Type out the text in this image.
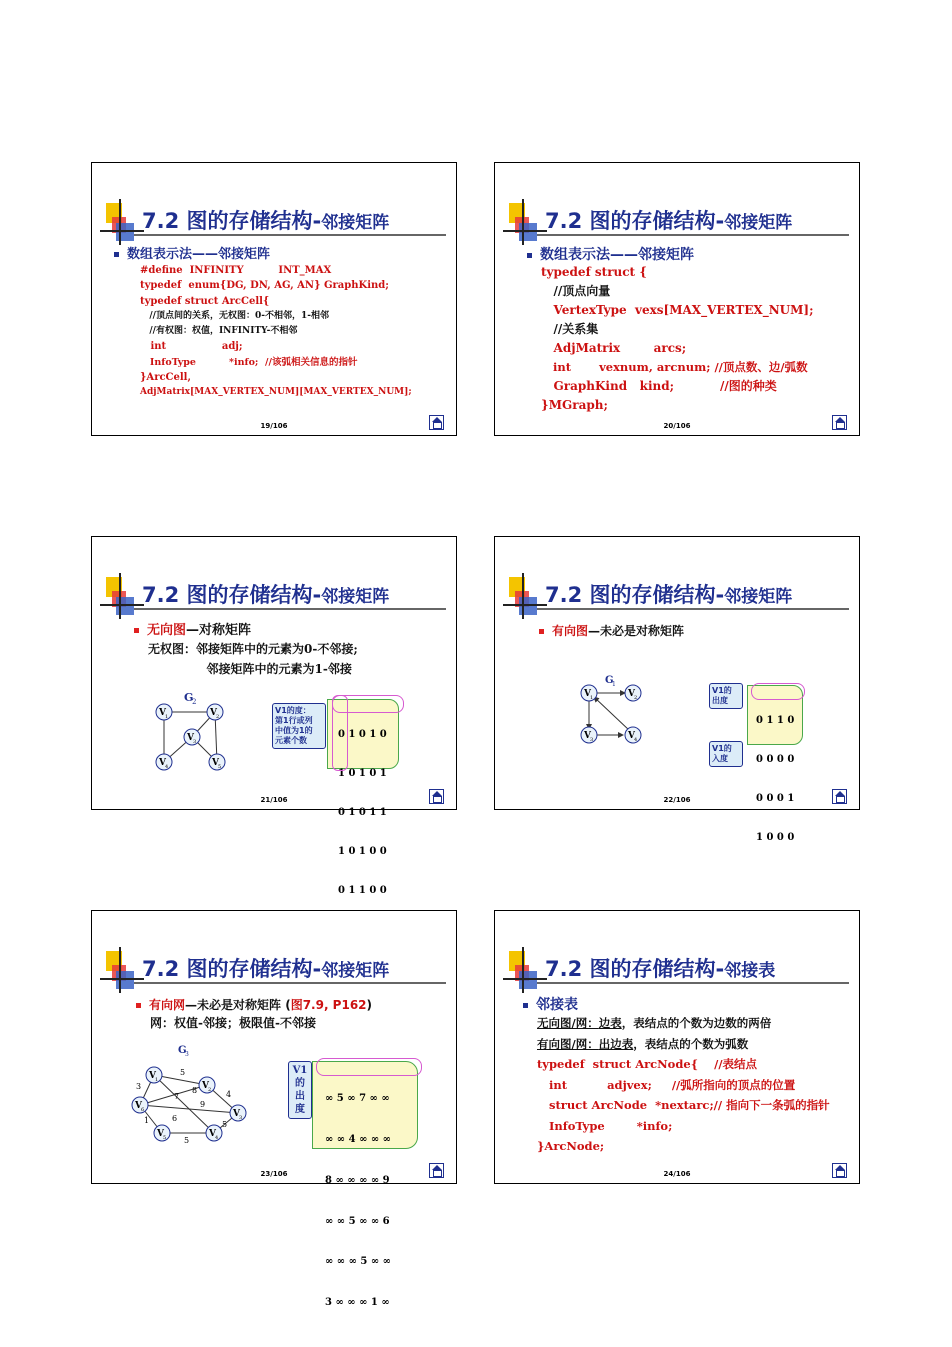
7.2 图的存储结构-邻接矩阵
数组表示法——邻接矩阵
#define  INFINITY          INT_MAX
typedef  enum{DG, DN, AG, AN} GraphKind;
typedef struct ArcCell{
//顶点间的关系，无权图：0-不相邻，1-相邻
//有权图：权值，INFINITY-不相邻
int                adj;
InfoType          *info;  //该弧相关信息的指针
}ArcCell,
AdjMatrix[MAX_VERTEX_NUM][MAX_VERTEX_NUM];
19/106
7.2 图的存储结构-邻接矩阵
数组表示法——邻接矩阵
typedef struct {
//顶点向量
VertexType  vexs[MAX_VERTEX_NUM];
//关系集
AdjMatrix        arcs;
int       vexnum, arcnum; //顶点数、边/弧数
GraphKind   kind;           //图的种类
}MGraph;
20/106
7.2 图的存储结构-邻接矩阵
无向图—对称矩阵
无权图：邻接矩阵中的元素为0-不邻接;
邻接矩阵中的元素为1-邻接
G
2
V 1	V 2
V 3
V 4	V 5
V1的度：
第1行或列
中值为1的
元素个数

0 1 0 1 0

1 0 1 0 1

0 1 0 1 1

1 0 1 0 0

0 1 1 0 0

21/106
7.2 图的存储结构-邻接矩阵
有向图—未必是对称矩阵
G
1
V 1	V 2
V 3	V 4
V1的
出度
V1的
入度

0 1 1 0

0 0 0 0

0 0 0 1

1 0 0 0

22/106
7.2 图的存储结构-邻接矩阵
有向网—未必是对称矩阵 (图7.9, P162)
网：权值-邻接；极限值-不邻接
G
3
5
4
3	8
7
9
1	6
5
5
V 1
V 2
V 3
V 4
V 5
V 6
V1
的
出
度

∞ 5 ∞ 7 ∞ ∞

∞ ∞ 4 ∞ ∞ ∞

8 ∞ ∞ ∞ ∞ 9

∞ ∞ 5 ∞ ∞ 6

∞ ∞ ∞ 5 ∞ ∞

3 ∞ ∞ ∞ 1 ∞

23/106
7.2 图的存储结构-邻接表
邻接表
无向图/网：边表，表结点的个数为边数的两倍
有向图/网：出边表，表结点的个数为弧数
typedef  struct ArcNode{    //表结点
int          adjvex;     //弧所指向的顶点的位置
struct ArcNode  *nextarc;// 指向下一条弧的指针
InfoType        *info;
}ArcNode;
24/106
